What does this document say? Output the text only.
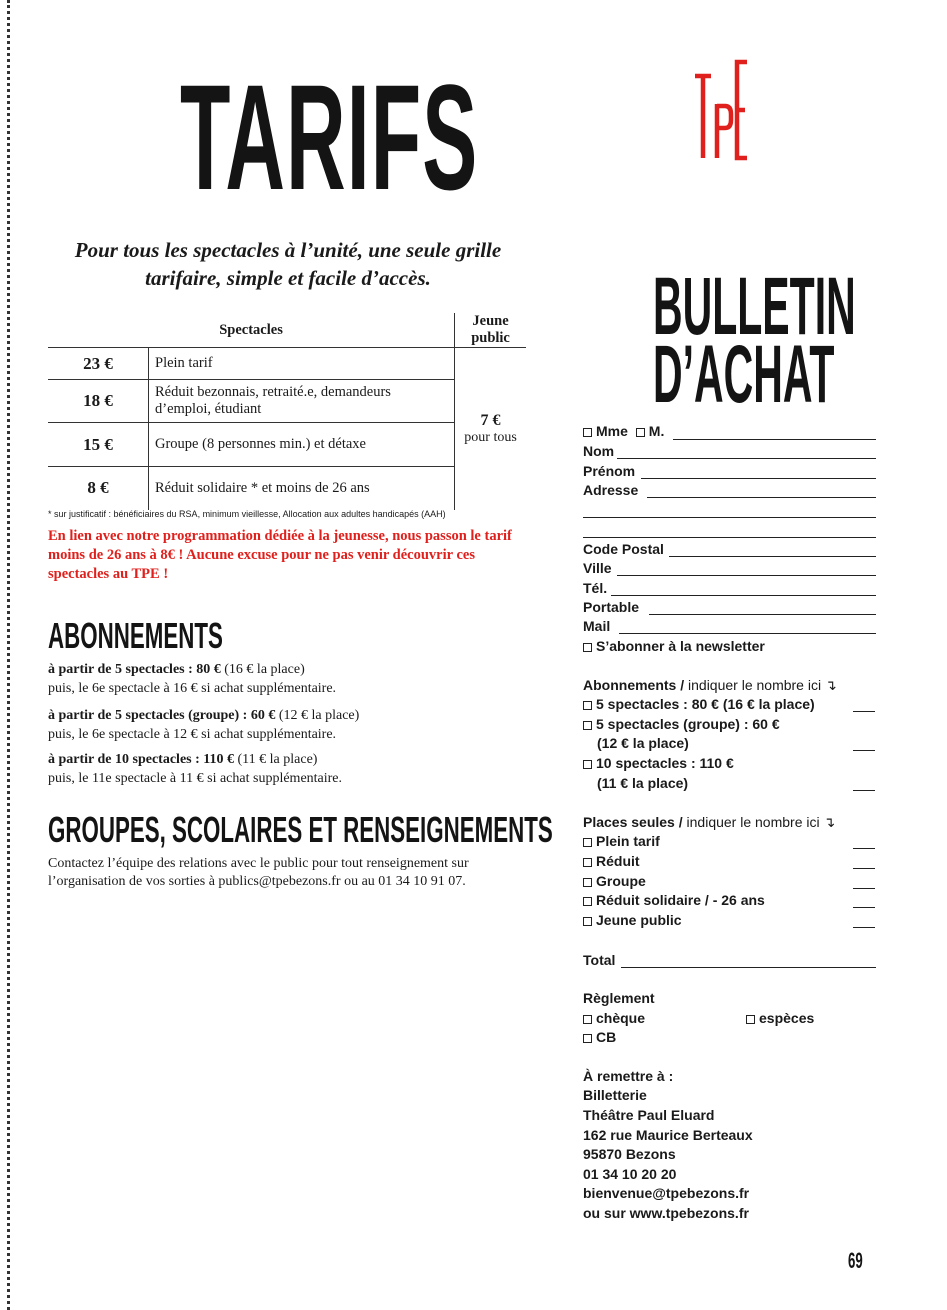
TARIFS
Pour tous les spectacles à l’unité, une seule grille tarifaire, simple et facile d’accès.
Spectacles		Jeune public
23 €	Plein tarif	7 €
pour tous

18 €	Réduit bezonnais, retraité.e, demandeurs d’emploi, étudiant	
15 €	Groupe (8 personnes min.) et détaxe	
8 €	Réduit solidaire * et moins de 26 ans	
* sur justificatif : bénéficiaires du RSA, minimum vieillesse, Allocation aux adultes handicapés (AAH)
En lien avec notre programmation dédiée à la jeunesse, nous passon le tarif moins de 26 ans à 8€ ! Aucune excuse pour ne pas venir découvrir ces spectacles au TPE !
ABONNEMENTS
à partir de 5 spectacles : 80 € (16 € la place)
puis, le 6e spectacle à 16 € si achat supplémentaire.
à partir de 5 spectacles (groupe) : 60 € (12 € la place)
puis, le 6e spectacle à 12 € si achat supplémentaire.
à partir de 10 spectacles : 110 € (11 € la place)
puis, le 11e spectacle à 11 € si achat supplémentaire.
GROUPES, SCOLAIRES ET RENSEIGNEMENTS
Contactez l’équipe des relations avec le public pour tout renseignement sur l’organisation de vos sorties à publics@tpebezons.fr ou au 01 34 10 91 07.
BULLETIN
D’ACHAT
Mme M.
Nom
Prénom
Adresse
Code Postal
Ville
Tél.
Portable
Mail
S’abonner à la newsletter
Abonnements / indiquer le nombre ici ↴
5 spectacles : 80 € (16 € la place)
5 spectacles (groupe) : 60 €
(12 € la place)
10 spectacles : 110 €
(11 € la place)
Places seules / indiquer le nombre ici ↴
Plein tarif
Réduit
Groupe
Réduit solidaire / - 26 ans
Jeune public
Total
Règlement
chèque	espèces
CB
À remettre à :
Billetterie
Théâtre Paul Eluard
162 rue Maurice Berteaux
95870 Bezons
01 34 10 20 20
bienvenue@tpebezons.fr
ou sur www.tpebezons.fr
69
